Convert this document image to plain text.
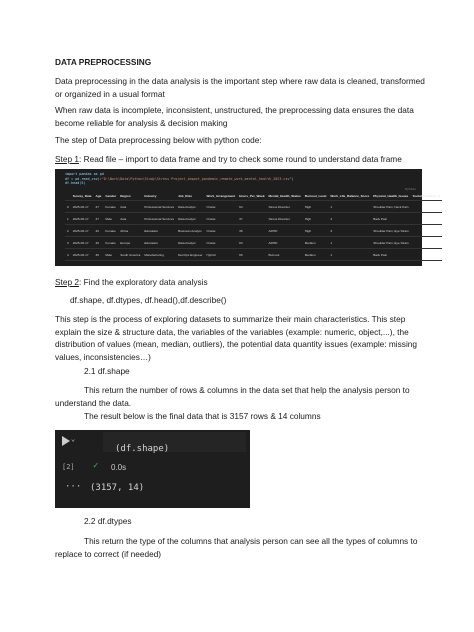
DATA PREPROCESSING
Data preprocessing in the data analysis is the important step where raw data is cleaned, transformed or organized in a usual format
When raw data is incomplete, inconsistent, unstructured, the preprocessing data ensures the data become reliable for analysis & decision making
The step of Data preprocessing below with python code:
Step 1: Read file – import to data frame and try to check some round to understand data frame
import pandas as pd
df = pd.read_csv(r"D:\Work\Data\Python\Study\Stress Project_impact_pandemic_remote_work_mental_health_2023.csv")
df.head(5)
Python
	Survey_Date	Age	Gender	Region	Industry	Job_Role	Work_Arrangement	Hours_Per_Week	Mental_Health_Status	Burnout_Level	Work_Life_Balance_Score	Physical_Health_Issues	Social_Isolation_S
0	2025-06-17	27	Female	Asia	Professional Services	Data Analyst	Onsite	64	Stress Disorder	High	1	Shoulder Pain; Neck Pain	
1	2025-06-17	37	Male	Asia	Professional Services	Data Analyst	Onsite	37	Stress Disorder	High	4	Back Pain	
2	2025-06-17	32	Female	Africa	Education	Business Analyst	Onsite	36	ADHD	High	3	Shoulder Pain; Eye Strain	
3	2025-06-17	40	Female	Europe	Education	Data Analyst	Onsite	63	ADHD	Medium	1	Shoulder Pain; Eye Strain	
4	2025-06-17	30	Male	South America	Manufacturing	DevOps Engineer	Hybrid	65	Burnout	Medium	1	Back Pain	
Step 2: Find the exploratory data analysis
df.shape, df.dtypes, df.head(),df.describe()
This step is the process of exploring datasets to summarize their main characteristics. This step explain the size & structure data, the variables of the variables (example: numeric, object,...), the distribution of values (mean, median, outliers), the potential data quantity issues (example: missing values, inconsistencies…)
2.1 df.shape
This return the number of rows & columns in the data set that help the analysis person to understand the data.
The result below is the final data that is 3157 rows & 14 columns
⌄
(df.shape)
[2] ✓ 0.0s
··· (3157, 14)
2.2 df.dtypes
This return the type of the columns that analysis person can see all the types of columns to replace to correct (if needed)
